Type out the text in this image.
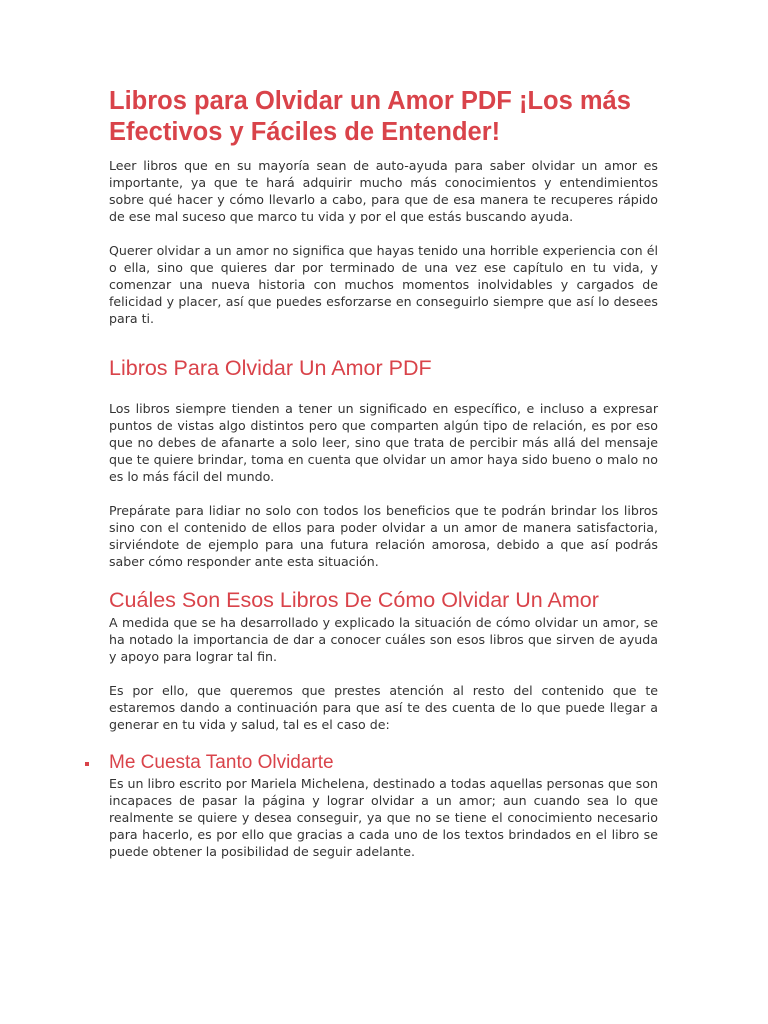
Libros para Olvidar un Amor PDF ¡Los más Efectivos y Fáciles de Entender!

Leer libros que en su mayoría sean de auto-ayuda para saber olvidar un amor es importante, ya que te hará adquirir mucho más conocimientos y entendimientos sobre qué hacer y cómo llevarlo a cabo, para que de esa manera te recuperes rápido de ese mal suceso que marco tu vida y por el que estás buscando ayuda.

Querer olvidar a un amor no significa que hayas tenido una horrible experiencia con él o ella, sino que quieres dar por terminado de una vez ese capítulo en tu vida, y comenzar una nueva historia con muchos momentos inolvidables y cargados de felicidad y placer, así que puedes esforzarse en conseguirlo siempre que así lo desees para ti.

Libros Para Olvidar Un Amor PDF

Los libros siempre tienden a tener un significado en específico, e incluso a expresar puntos de vistas algo distintos pero que comparten algún tipo de relación, es por eso que no debes de afanarte a solo leer, sino que trata de percibir más allá del mensaje que te quiere brindar, toma en cuenta que olvidar un amor haya sido bueno o malo no es lo más fácil del mundo.

Prepárate para lidiar no solo con todos los beneficios que te podrán brindar los libros sino con el contenido de ellos para poder olvidar a un amor de manera satisfactoria, sirviéndote de ejemplo para una futura relación amorosa, debido a que así podrás saber cómo responder ante esta situación.

Cuáles Son Esos Libros De Cómo Olvidar Un Amor

A medida que se ha desarrollado y explicado la situación de cómo olvidar un amor, se ha notado la importancia de dar a conocer cuáles son esos libros que sirven de ayuda y apoyo para lograr tal fin.

Es por ello, que queremos que prestes atención al resto del contenido que te estaremos dando a continuación para que así te des cuenta de lo que puede llegar a generar en tu vida y salud, tal es el caso de:

Me Cuesta Tanto Olvidarte

Es un libro escrito por Mariela Michelena, destinado a todas aquellas personas que son incapaces de pasar la página y lograr olvidar a un amor; aun cuando sea lo que realmente se quiere y desea conseguir, ya que no se tiene el conocimiento necesario para hacerlo, es por ello que gracias a cada uno de los textos brindados en el libro se puede obtener la posibilidad de seguir adelante.
